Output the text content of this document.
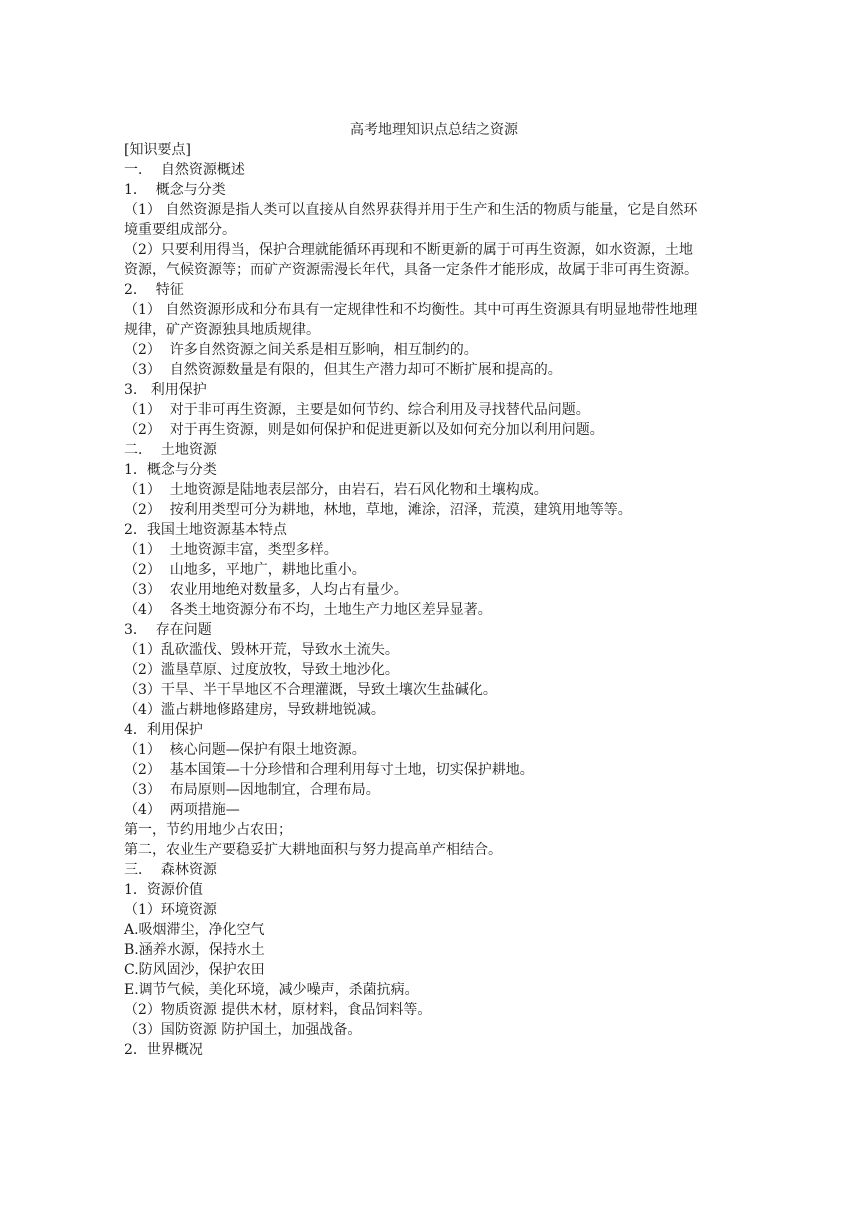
高考地理知识点总结之资源

[知识要点]

一．  自然资源概述

1．  概念与分类

（1） 自然资源是指人类可以直接从自然界获得并用于生产和生活的物质与能量，它是自然环

境重要组成部分。

（2）只要利用得当，保护合理就能循环再现和不断更新的属于可再生资源，如水资源，土地

资源，气候资源等；而矿产资源需漫长年代，具备一定条件才能形成，故属于非可再生资源。

2．  特征

（1） 自然资源形成和分布具有一定规律性和不均衡性。其中可再生资源具有明显地带性地理

规律，矿产资源独具地质规律。

（2）  许多自然资源之间关系是相互影响，相互制约的。

（3）  自然资源数量是有限的，但其生产潜力却可不断扩展和提高的。

3.   利用保护

（1）  对于非可再生资源，主要是如何节约、综合利用及寻找替代品问题。

（2）  对于再生资源，则是如何保护和促进更新以及如何充分加以利用问题。

二．  土地资源

1．概念与分类

（1）  土地资源是陆地表层部分，由岩石，岩石风化物和土壤构成。

（2）  按利用类型可分为耕地，林地，草地，滩涂，沼泽，荒漠，建筑用地等等。

2．我国土地资源基本特点

（1）  土地资源丰富，类型多样。

（2）  山地多，平地广，耕地比重小。

（3）  农业用地绝对数量多，人均占有量少。

（4）  各类土地资源分布不均，土地生产力地区差异显著。

3．  存在问题

（1）乱砍滥伐、毁林开荒，导致水土流失。

（2）滥垦草原、过度放牧，导致土地沙化。

（3）干旱、半干旱地区不合理灌溉，导致土壤次生盐碱化。

（4）滥占耕地修路建房，导致耕地锐减。

4．利用保护

（1）  核心问题—保护有限土地资源。

（2）  基本国策—十分珍惜和合理利用每寸土地，切实保护耕地。

（3）  布局原则—因地制宜，合理布局。

（4）  两项措施—

第一，节约用地少占农田；

第二，农业生产要稳妥扩大耕地面积与努力提高单产相结合。

三．  森林资源

1．资源价值

（1）环境资源

A.吸烟滞尘，净化空气

B.涵养水源，保持水土

C.防风固沙，保护农田

E.调节气候，美化环境，减少噪声，杀菌抗病。

（2）物质资源 提供木材，原材料，食品饲料等。

（3）国防资源 防护国土，加强战备。

2．世界概况
